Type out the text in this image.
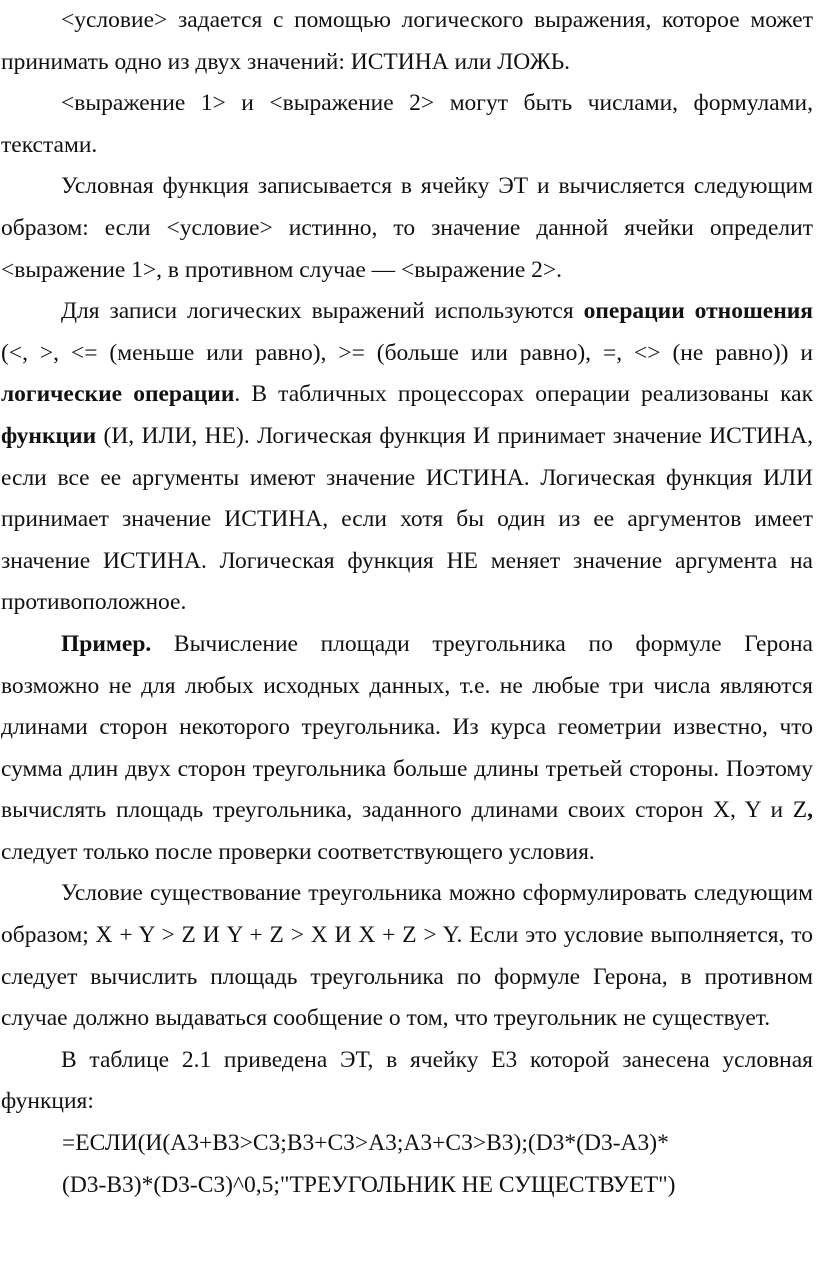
<условие> задается с помощью логического выражения, которое может принимать одно из двух значений: ИСТИНА или ЛОЖЬ.

<выражение 1> и <выражение 2> могут быть числами, формулами, текстами.

Условная функция записывается в ячейку ЭТ и вычисляется следующим образом: если <условие> истинно, то значение данной ячейки определит <выражение 1>, в противном случае — <выражение 2>.

Для записи логических выражений используются операции отношения (<, >, <= (меньше или равно), >= (больше или равно), =, <> (не равно)) и логические операции. В табличных процессорах операции реализованы как функции (И, ИЛИ, НЕ). Логическая функция И принимает значение ИСТИНА, если все ее аргументы имеют значение ИСТИНА. Логическая функция ИЛИ принимает значение ИСТИНА, если хотя бы один из ее аргументов имеет значение ИСТИНА. Логическая функция НЕ меняет значение аргумента на противоположное.

Пример. Вычисление площади треугольника по формуле Герона возможно не для любых исходных данных, т.е. не любые три числа являются длинами сторон некоторого треугольника. Из курса геометрии известно, что сумма длин двух сторон треугольника больше длины третьей стороны. Поэтому вычислять площадь треугольника, заданного длинами своих сторон X, Y и Z, следует только после проверки соответствующего условия.

Условие существование треугольника можно сформулировать следующим образом; X + Y > Z И Y + Z > X И X + Z > Y. Если это условие выполняется, то следует вычислить площадь треугольника по формуле Герона, в противном случае должно выдаваться сообщение о том, что треугольник не существует.

В таблице 2.1 приведена ЭТ, в ячейку E3 которой занесена условная функция:

=ЕСЛИ(И(A3+B3>C3;B3+C3>A3;A3+C3>B3);(D3*(D3-A3)*

(D3-B3)*(D3-C3)^0,5;"ТРЕУГОЛЬНИК НЕ СУЩЕСТВУЕТ")
